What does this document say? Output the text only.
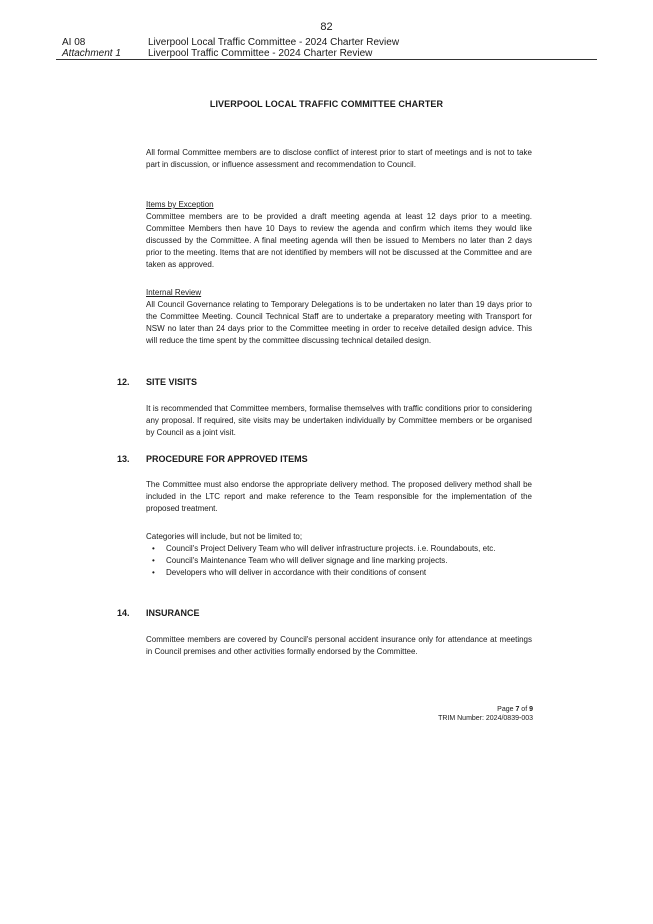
82
AI 08
Attachment 1
Liverpool Local Traffic Committee - 2024 Charter Review
Liverpool Traffic Committee - 2024 Charter Review
LIVERPOOL LOCAL TRAFFIC COMMITTEE CHARTER

All formal Committee members are to disclose conflict of interest prior to start of meetings and is not to take part in discussion, or influence assessment and recommendation to Council.

Items by Exception

Committee members are to be provided a draft meeting agenda at least 12 days prior to a meeting. Committee Members then have 10 Days to review the agenda and confirm which items they would like discussed by the Committee. A final meeting agenda will then be issued to Members no later than 2 days prior to the meeting. Items that are not identified by members will not be discussed at the Committee and are taken as approved.

Internal Review

All Council Governance relating to Temporary Delegations is to be undertaken no later than 19 days prior to the Committee Meeting. Council Technical Staff are to undertake a preparatory meeting with Transport for NSW no later than 24 days prior to the Committee meeting in order to receive detailed design advice. This will reduce the time spent by the committee discussing technical detailed design.

12. SITE VISITS

It is recommended that Committee members, formalise themselves with traffic conditions prior to considering any proposal. If required, site visits may be undertaken individually by Committee members or be organised by Council as a joint visit.

13. PROCEDURE FOR APPROVED ITEMS

The Committee must also endorse the appropriate delivery method. The proposed delivery method shall be included in the LTC report and make reference to the Team responsible for the implementation of the proposed treatment.

Categories will include, but not be limited to;
• Council's Project Delivery Team who will deliver infrastructure projects. i.e. Roundabouts, etc.
• Council's Maintenance Team who will deliver signage and line marking projects.
• Developers who will deliver in accordance with their conditions of consent
14. INSURANCE

Committee members are covered by Council's personal accident insurance only for attendance at meetings in Council premises and other activities formally endorsed by the Committee.

Page 7 of 9
TRIM Number: 2024/0839-003
